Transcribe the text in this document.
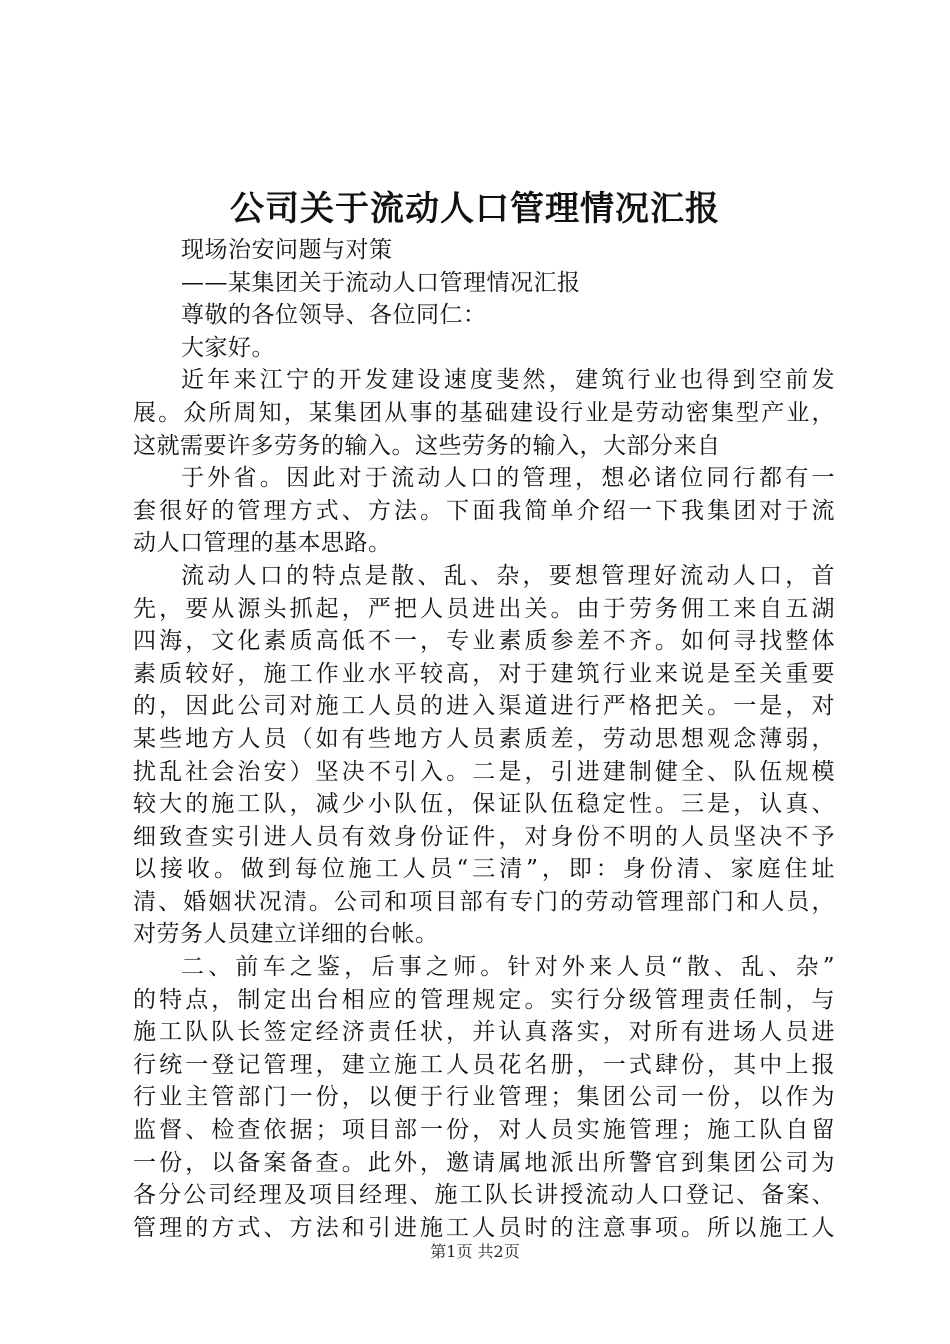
公司关于流动人口管理情况汇报
现场治安问题与对策
——某集团关于流动人口管理情况汇报
尊敬的各位领导、各位同仁：
大家好。
近年来江宁的开发建设速度斐然，建筑行业也得到空前发
展。众所周知，某集团从事的基础建设行业是劳动密集型产业，
这就需要许多劳务的输入。这些劳务的输入，大部分来自
于外省。因此对于流动人口的管理，想必诸位同行都有一
套很好的管理方式、方法。下面我简单介绍一下我集团对于流
动人口管理的基本思路。
流动人口的特点是散、乱、杂，要想管理好流动人口，首
先，要从源头抓起，严把人员进出关。由于劳务佣工来自五湖
四海，文化素质高低不一，专业素质参差不齐。如何寻找整体
素质较好，施工作业水平较高，对于建筑行业来说是至关重要
的，因此公司对施工人员的进入渠道进行严格把关。一是，对
某些地方人员（如有些地方人员素质差，劳动思想观念薄弱，
扰乱社会治安）坚决不引入。二是，引进建制健全、队伍规模
较大的施工队，减少小队伍，保证队伍稳定性。三是，认真、
细致查实引进人员有效身份证件，对身份不明的人员坚决不予
以接收。做到每位施工人员“三清”，即：身份清、家庭住址
清、婚姻状况清。公司和项目部有专门的劳动管理部门和人员，
对劳务人员建立详细的台帐。
二、前车之鉴，后事之师。针对外来人员“散、乱、杂”
的特点，制定出台相应的管理规定。实行分级管理责任制，与
施工队队长签定经济责任状，并认真落实，对所有进场人员进
行统一登记管理，建立施工人员花名册，一式肆份，其中上报
行业主管部门一份，以便于行业管理；集团公司一份，以作为
监督、检查依据；项目部一份，对人员实施管理；施工队自留
一份，以备案备查。此外，邀请属地派出所警官到集团公司为
各分公司经理及项目经理、施工队长讲授流动人口登记、备案、
管理的方式、方法和引进施工人员时的注意事项。所以施工人
第1页 共2页
